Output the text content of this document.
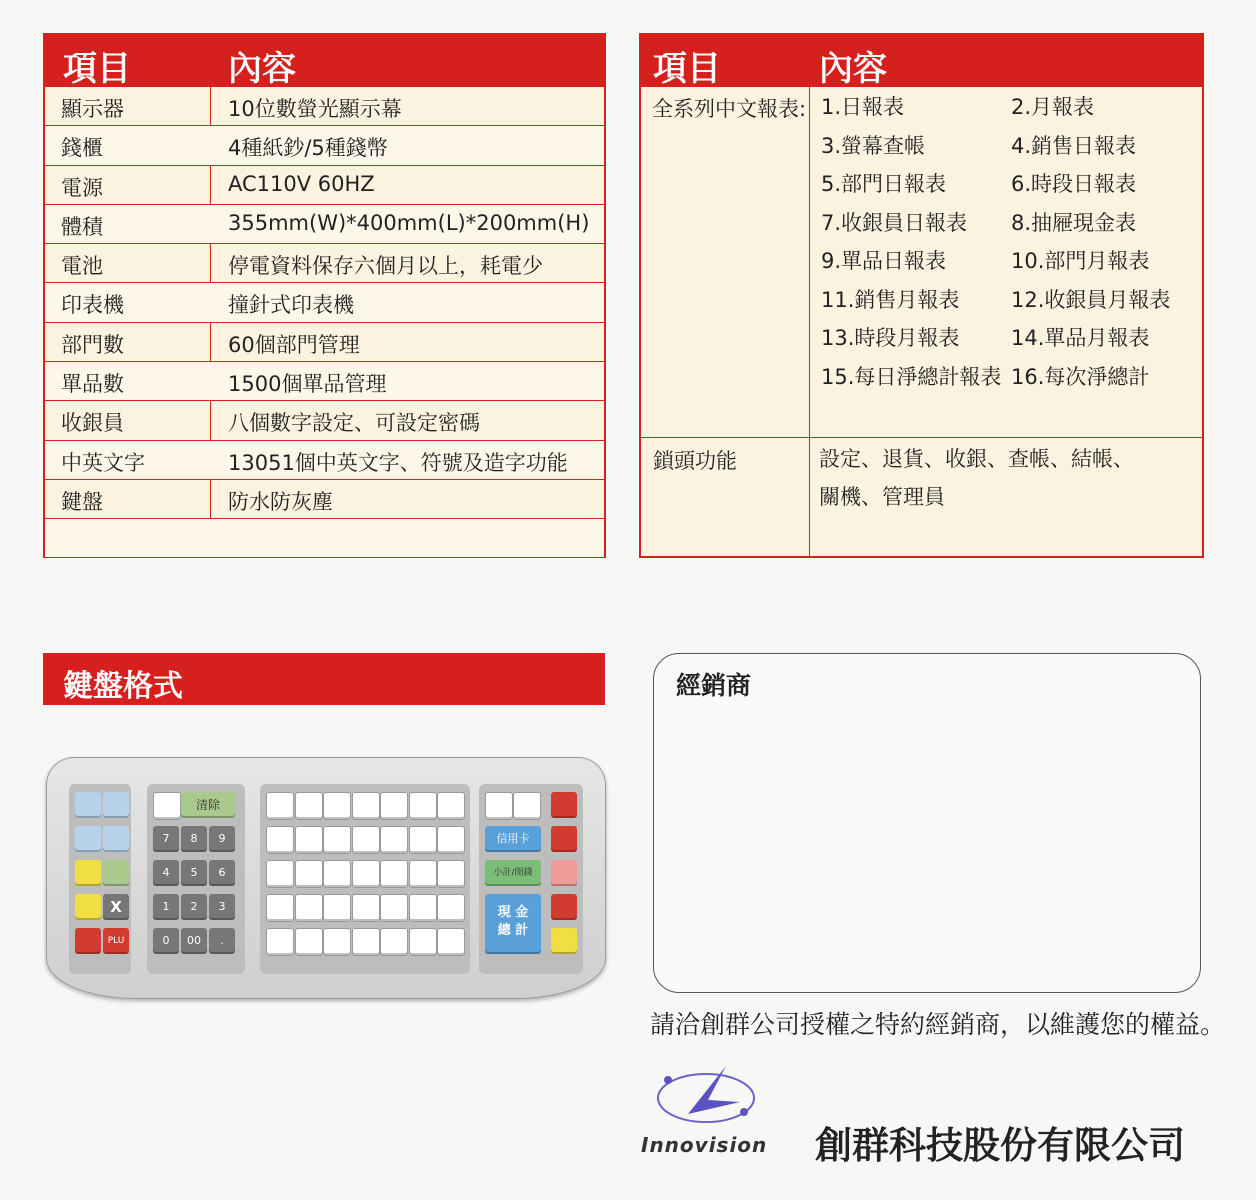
項目	內容
顯示器	10位數螢光顯示幕
錢櫃	4種紙鈔/5種錢幣
電源	AC110V 60HZ
體積	355mm(W)*400mm(L)*200mm(H)
電池	停電資料保存六個月以上，耗電少
印表機	撞針式印表機
部門數	60個部門管理
單品數	1500個單品管理
收銀員	八個數字設定、可設定密碼
中英文字	13051個中英文字、符號及造字功能
鍵盤	防水防灰塵
項目	內容
全系列中文報表: 1.日報表	2.月報表
3.螢幕查帳	4.銷售日報表
5.部門日報表	6.時段日報表
7.收銀員日報表 8.抽屜現金表
9.單品日報表	10.部門月報表
11.銷售月報表 12.收銀員月報表
13.時段月報表 14.單品月報表
15.每日淨總計報表 16.每次淨總計
鎖頭功能	設定、退貨、收銀、查帳、結帳、
關機、管理員
鍵盤格式
X
PLU
清除
7	8	9
4	5	6
1	2	3
0	00	.
信用卡
小計/開錢
現 金
總 計
經銷商
請洽創群公司授權之特約經銷商，以維護您的權益。
Innovision 創群科技股份有限公司
